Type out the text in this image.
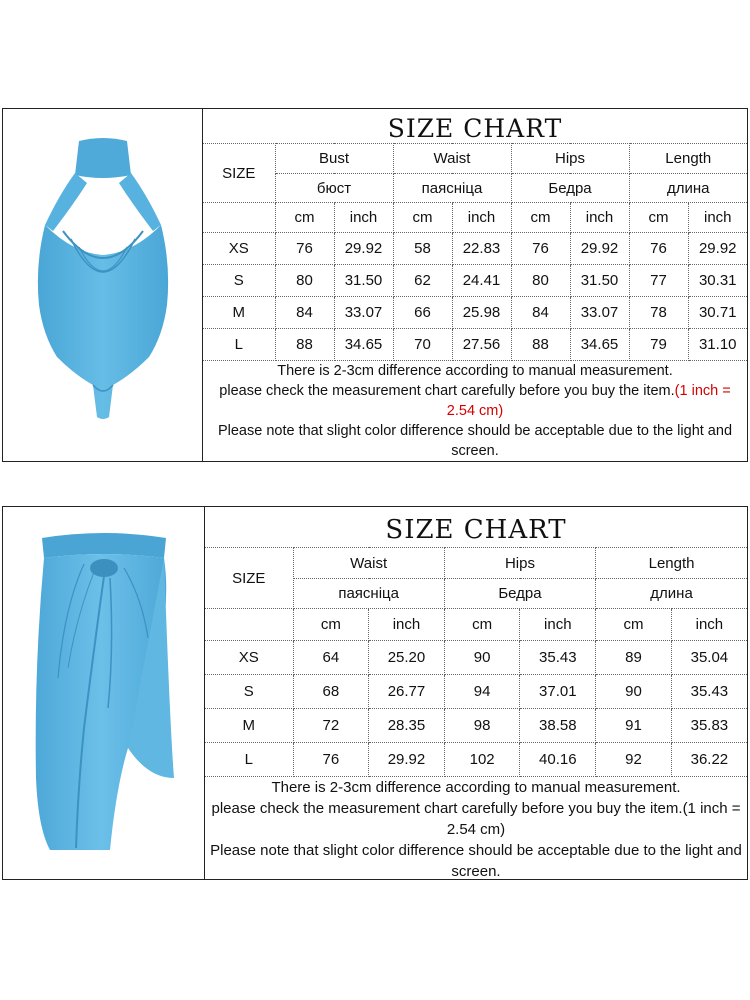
SIZE CHART
SIZE	Bust		Waist		Hips		Length	
	бюст		паясніца		Бедра		длина	
	cm	inch	cm	inch	cm	inch	cm	inch
XS	76	29.92	58	22.83	76	29.92	76	29.92
S	80	31.50	62	24.41	80	31.50	77	30.31
M	84	33.07	66	25.98	84	33.07	78	30.71
L	88	34.65	70	27.56	88	34.65	79	31.10

There is 2-3cm difference according to manual measurement.

please check the measurement chart carefully before you buy the item.(1 inch = 2.54 cm)

Please note that slight color difference should be acceptable due to the light and screen.

SIZE CHART
SIZE	Waist		Hips		Length	
	паясніца		Бедра		длина	
	cm	inch	cm	inch	cm	inch
XS	64	25.20	90	35.43	89	35.04
S	68	26.77	94	37.01	90	35.43
M	72	28.35	98	38.58	91	35.83
L	76	29.92	102	40.16	92	36.22

There is 2-3cm difference according to manual measurement.

please check the measurement chart carefully before you buy the item.(1 inch = 2.54 cm)

Please note that slight color difference should be acceptable due to the light and screen.
